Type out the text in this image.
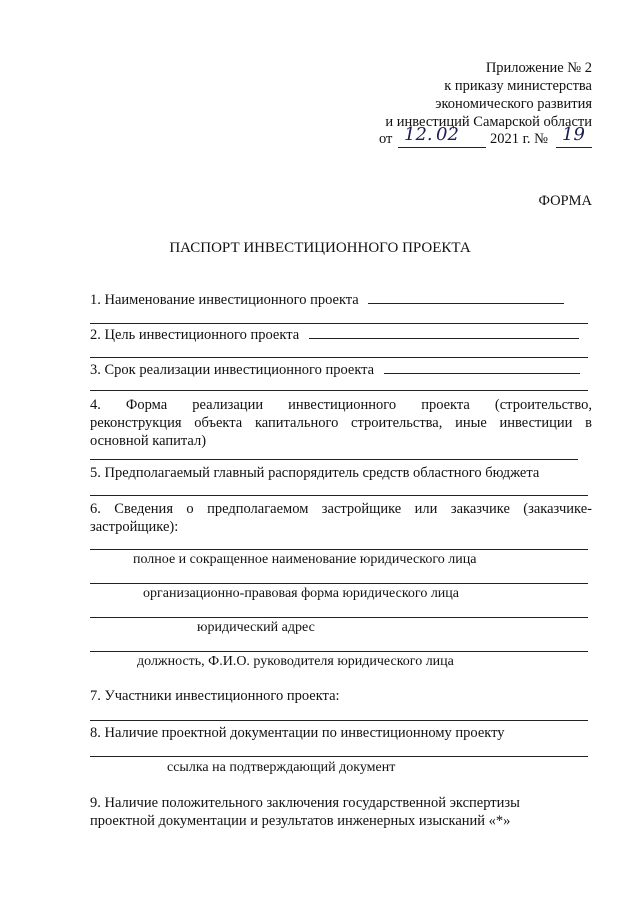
Приложение № 2
к приказу министерства
экономического развития
и инвестиций Самарской области
от 12. 02 2021 г. № 19
ФОРМА
ПАСПОРТ ИНВЕСТИЦИОННОГО ПРОЕКТА
1. Наименование инвестиционного проекта
2. Цель инвестиционного проекта
3. Срок реализации инвестиционного проекта
4. Форма реализации инвестиционного проекта (строительство,
реконструкция объекта капитального строительства, иные инвестиции в
основной капитал)
5. Предполагаемый главный распорядитель средств областного бюджета
6. Сведения о предполагаемом застройщике или заказчике (заказчике-
застройщике):
полное и сокращенное наименование юридического лица
организационно-правовая форма юридического лица
юридический адрес
должность, Ф.И.О. руководителя юридического лица
7. Участники инвестиционного проекта:
8. Наличие проектной документации по инвестиционному проекту
ссылка на подтверждающий документ
9. Наличие положительного заключения государственной экспертизы
проектной документации и результатов инженерных изысканий «*»
